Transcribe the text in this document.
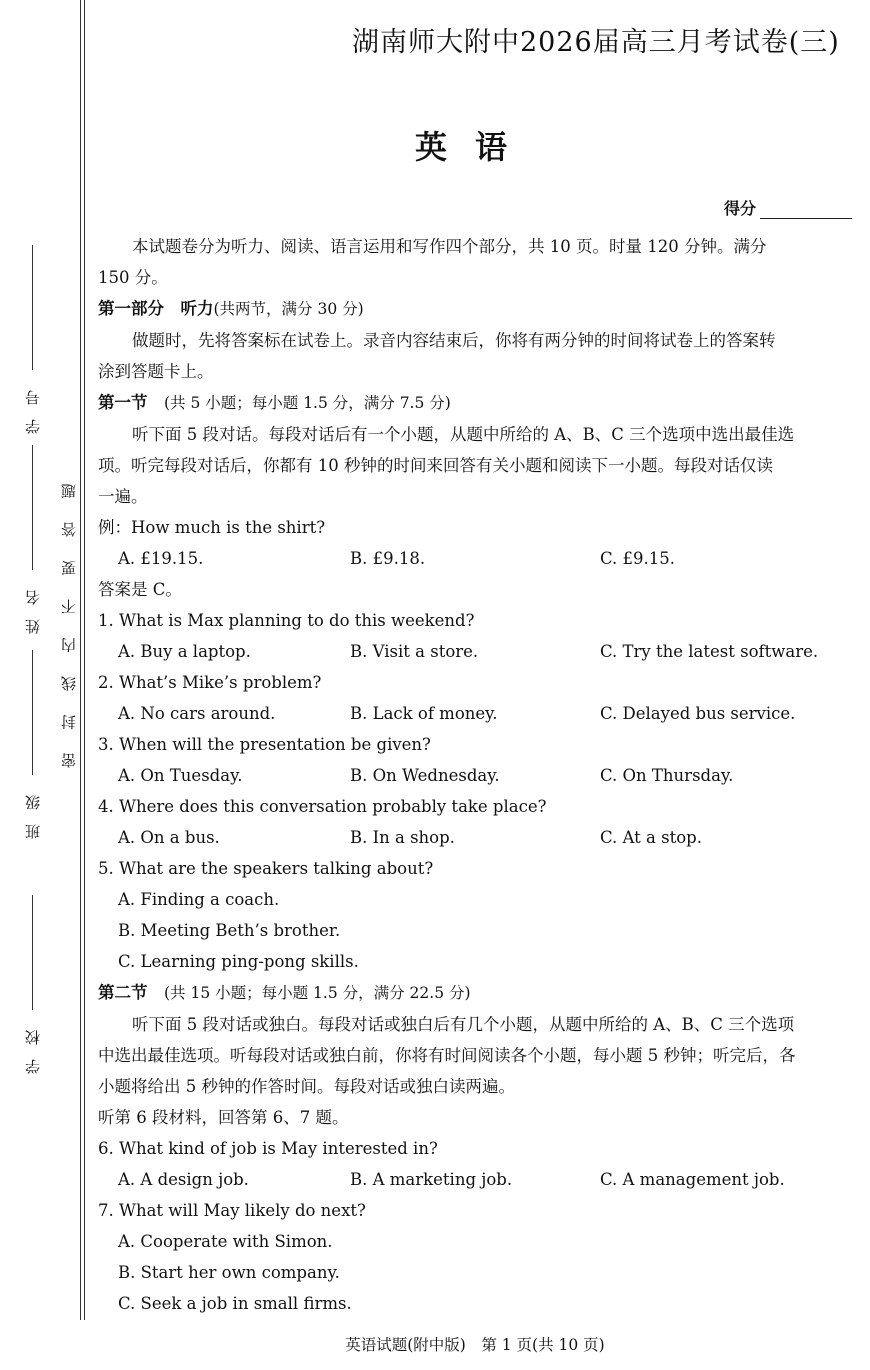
学号
姓名
班级
学校
密封线内不要答题
湖南师大附中2026届高三月考试卷(三)
英语
得分

本试题卷分为听力、阅读、语言运用和写作四个部分，共 10 页。时量 120 分钟。满分

150 分。

第一部分　听力(共两节，满分 30 分)

做题时，先将答案标在试卷上。录音内容结束后，你将有两分钟的时间将试卷上的答案转

涂到答题卡上。

第一节　 (共 5 小题；每小题 1.5 分，满分 7.5 分)

听下面 5 段对话。每段对话后有一个小题，从题中所给的 A、B、C 三个选项中选出最佳选

项。听完每段对话后，你都有 10 秒钟的时间来回答有关小题和阅读下一小题。每段对话仅读

一遍。

例：How much is the shirt?

A. £19.15.	B. £9.18.	C. £9.15.

答案是 C。

1. What is Max planning to do this weekend?

A. Buy a laptop.	B. Visit a store.	C. Try the latest software.

2. What’s Mike’s problem?

A. No cars around.	B. Lack of money.	C. Delayed bus service.

3. When will the presentation be given?

A. On Tuesday.	B. On Wednesday.	C. On Thursday.

4. Where does this conversation probably take place?

A. On a bus.	B. In a shop.	C. At a stop.

5. What are the speakers talking about?

A. Finding a coach.

B. Meeting Beth’s brother.

C. Learning ping-pong skills.

第二节　 (共 15 小题；每小题 1.5 分，满分 22.5 分)

听下面 5 段对话或独白。每段对话或独白后有几个小题，从题中所给的 A、B、C 三个选项

中选出最佳选项。听每段对话或独白前，你将有时间阅读各个小题，每小题 5 秒钟；听完后，各

小题将给出 5 秒钟的作答时间。每段对话或独白读两遍。

听第 6 段材料，回答第 6、7 题。

6. What kind of job is May interested in?

A. A design job.	B. A marketing job.	C. A management job.

7. What will May likely do next?

A. Cooperate with Simon.

B. Start her own company.

C. Seek a job in small firms.

英语试题(附中版)　第 1 页(共 10 页)
